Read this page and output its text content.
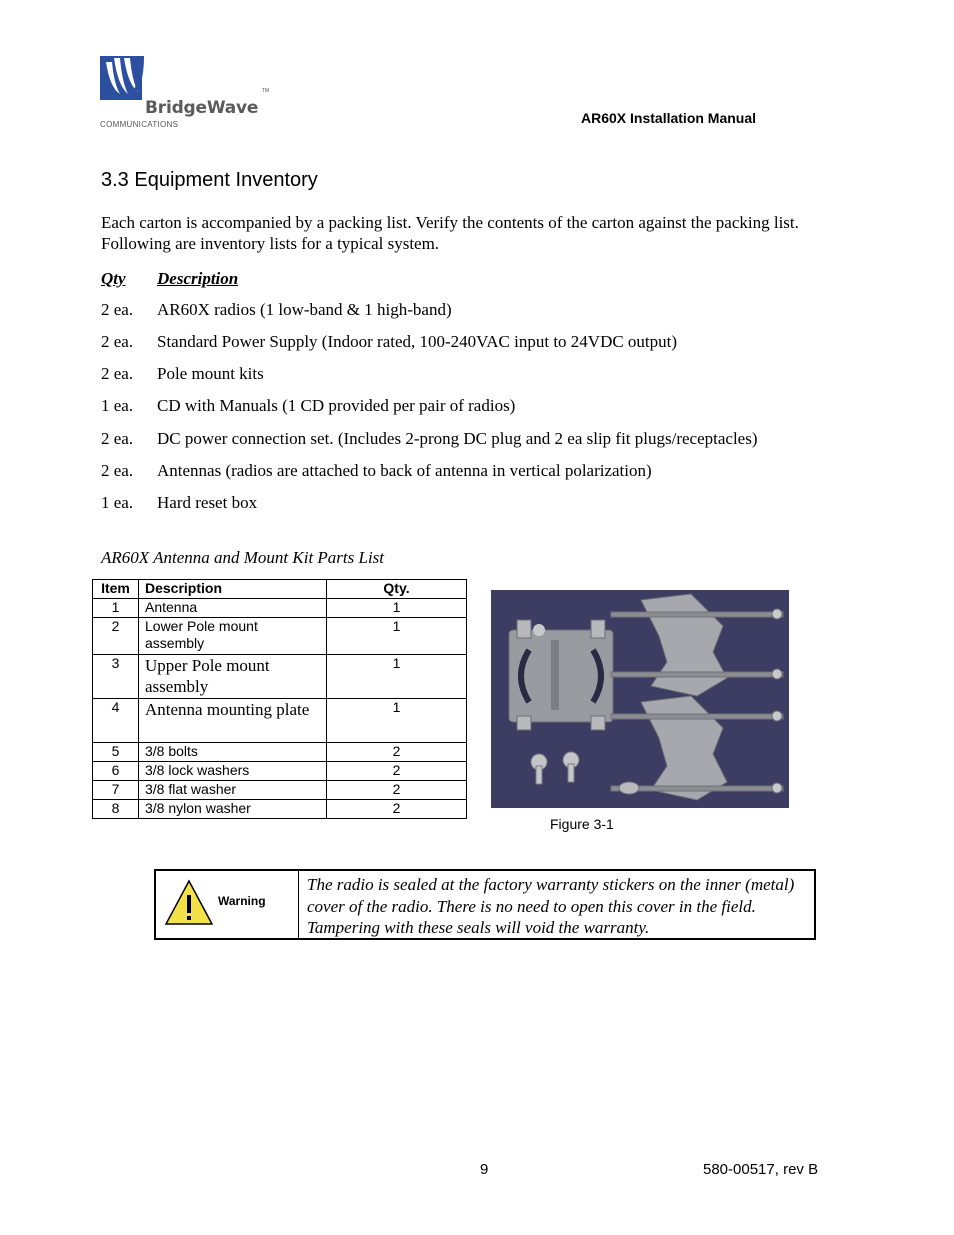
BridgeWave
TM
COMMUNICATIONS	AR60X Installation Manual
3.3 Equipment Inventory
Each carton is accompanied by a packing list. Verify the contents of the carton against the packing list. Following are inventory lists for a typical system.
Qty Description
2 ea. AR60X radios (1 low-band & 1 high-band)
2 ea. Standard Power Supply (Indoor rated, 100-240VAC input to 24VDC output)
2 ea. Pole mount kits
1 ea. CD with Manuals (1 CD provided per pair of radios)
2 ea. DC power connection set. (Includes 2-prong DC plug and 2 ea slip fit plugs/receptacles)
2 ea. Antennas (radios are attached to back of antenna in vertical polarization)
1 ea. Hard reset box
AR60X Antenna and Mount Kit Parts List
Item	Description	Qty.
1	Antenna	1
2	Lower Pole mount assembly	1
3	Upper Pole mount assembly	1
4	Antenna mounting plate	1
5	3/8 bolts	2
6	3/8 lock washers	2
7	3/8 flat washer	2
8	3/8 nylon washer	2
Figure 3-1
Warning
The radio is sealed at the factory warranty stickers on the inner (metal) cover of the radio. There is no need to open this cover in the field. Tampering with these seals will void the warranty.
9	580-00517, rev B
